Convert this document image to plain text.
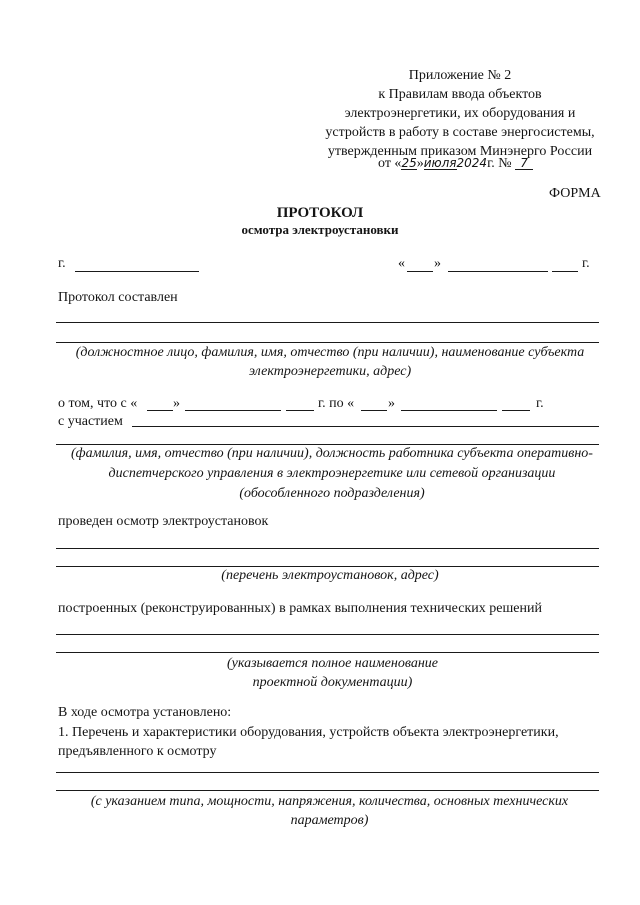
Приложение № 2
к Правилам ввода объектов
электроэнергетики, их оборудования и
устройств в работу в составе энергосистемы,
утвержденным приказом Минэнерго России
от «25»июля2024г. № 7
ФОРМА
ПРОТОКОЛ
осмотра электроустановки
г.	« »	г.
Протокол составлен
(должностное лицо, фамилия, имя, отчество (при наличии), наименование субъекта электроэнергетики, адрес)
о том, что с «	»	г. по « »	г.
с участием
(фамилия, имя, отчество (при наличии), должность работника субъекта оперативно-диспетчерского управления в электроэнергетике или сетевой организации (обособленного подразделения)
проведен осмотр электроустановок
(перечень электроустановок, адрес)
построенных (реконструированных) в рамках выполнения технических решений
(указывается полное наименование проектной документации)
В ходе осмотра установлено:
1. Перечень и характеристики оборудования, устройств объекта электроэнергетики, предъявленного к осмотру
(с указанием типа, мощности, напряжения, количества, основных технических параметров)
